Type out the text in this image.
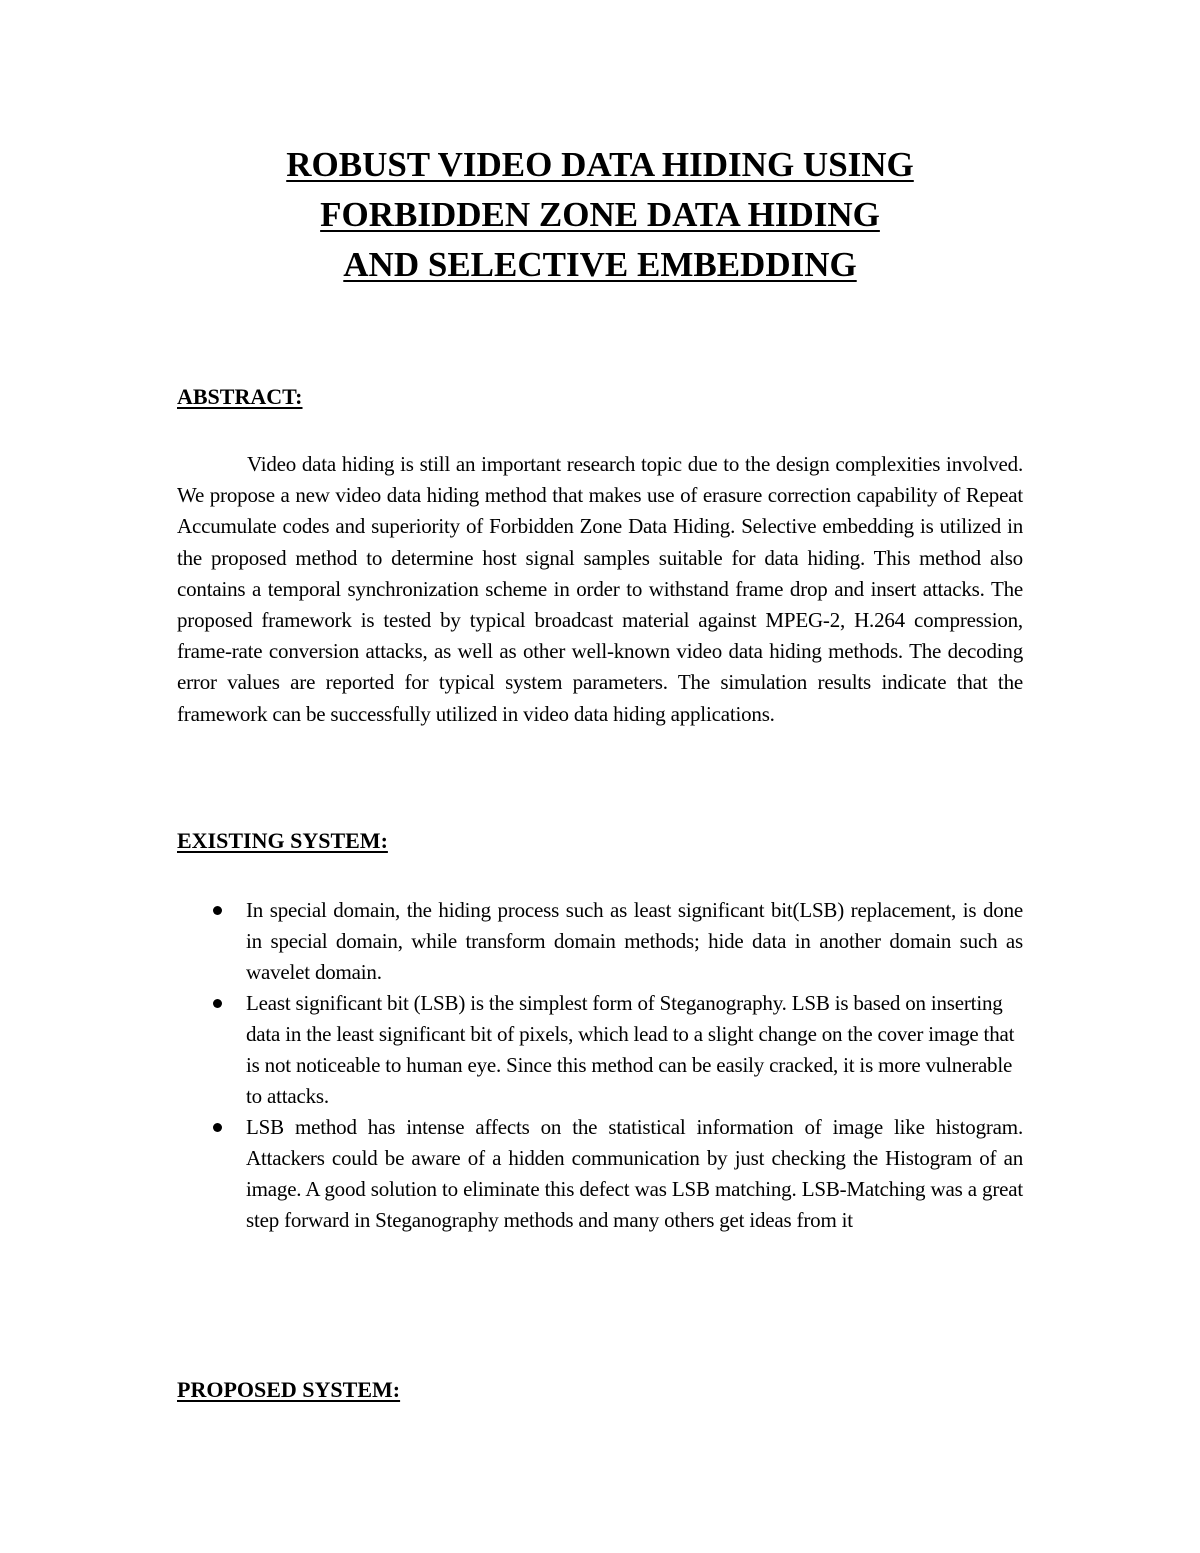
ROBUST VIDEO DATA HIDING USING
FORBIDDEN ZONE DATA HIDING
AND SELECTIVE EMBEDDING
ABSTRACT:

Video data hiding is still an important research topic due to the design complexities involved. We propose a new video data hiding method that makes use of erasure correction capability of Repeat Accumulate codes and superiority of Forbidden Zone Data Hiding. Selective embedding is utilized in the proposed method to determine host signal samples suitable for data hiding. This method also contains a temporal synchronization scheme in order to withstand frame drop and insert attacks. The proposed framework is tested by typical broadcast material against MPEG-2, H.264 compression, frame-rate conversion attacks, as well as other well-known video data hiding methods. The decoding error values are reported for typical system parameters. The simulation results indicate that the framework can be successfully utilized in video data hiding applications.

EXISTING SYSTEM:
In special domain, the hiding process such as least significant bit(LSB) replacement, is done in special domain, while transform domain methods; hide data in another domain such as wavelet domain.
Least significant bit (LSB) is the simplest form of Steganography. LSB is based on inserting data in the least significant bit of pixels, which lead to a slight change on the cover image that is not noticeable to human eye. Since this method can be easily cracked, it is more vulnerable to attacks.
LSB method has intense affects on the statistical information of image like histogram. Attackers could be aware of a hidden communication by just checking the Histogram of an image. A good solution to eliminate this defect was LSB matching. LSB-Matching was a great step forward in Steganography methods and many others get ideas from it
PROPOSED SYSTEM:
